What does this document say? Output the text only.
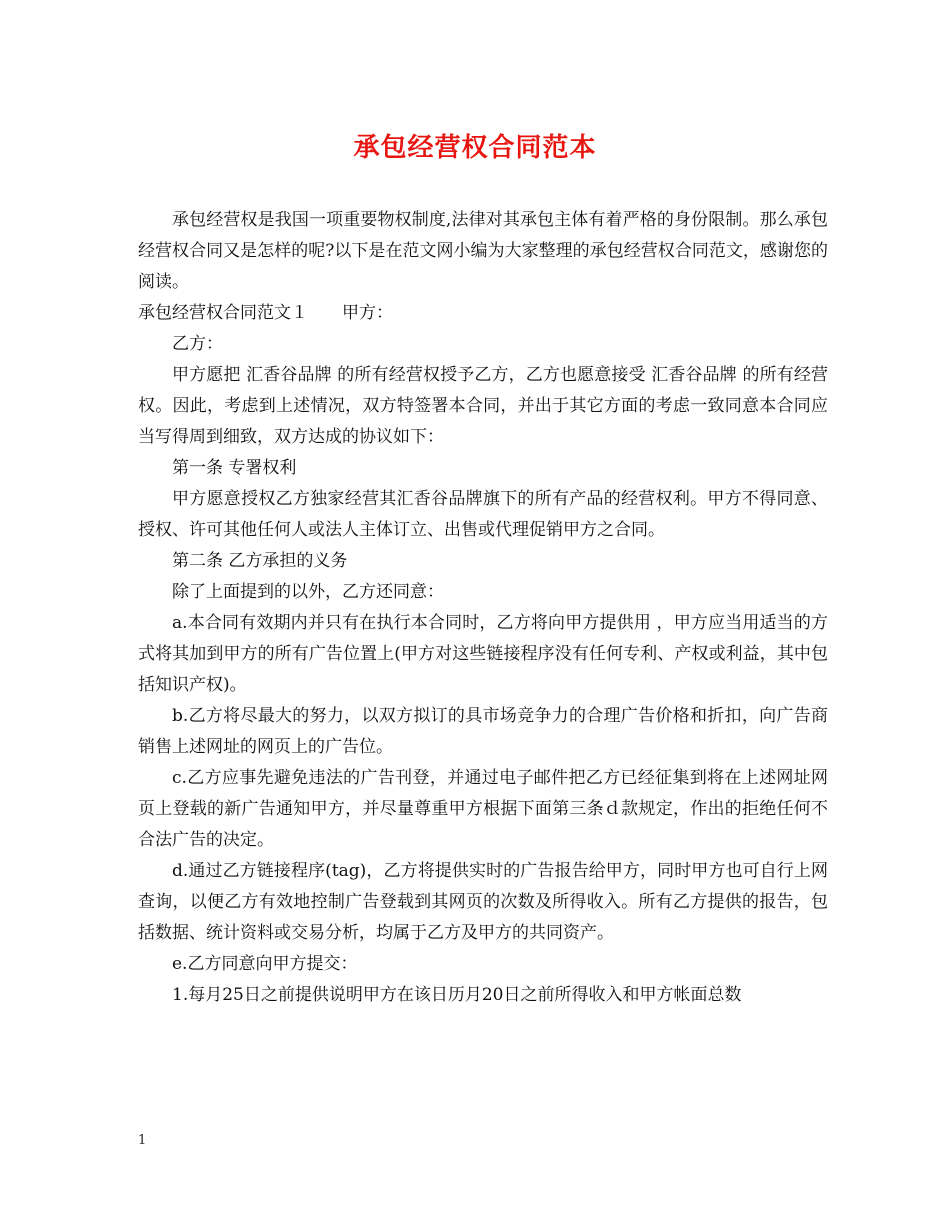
承包经营权合同范本

承包经营权是我国一项重要物权制度,法律对其承包主体有着严格的身份限制。那么承包经营权合同又是怎样的呢?以下是在范文网小编为大家整理的承包经营权合同范文，感谢您的阅读。

承包经营权合同范文１　　甲方：

乙方：

甲方愿把 汇香谷品牌 的所有经营权授予乙方，乙方也愿意接受 汇香谷品牌 的所有经营权。因此，考虑到上述情况，双方特签署本合同，并出于其它方面的考虑一致同意本合同应当写得周到细致，双方达成的协议如下：

第一条 专署权利

甲方愿意授权乙方独家经营其汇香谷品牌旗下的所有产品的经营权利。甲方不得同意、授权、许可其他任何人或法人主体订立、出售或代理促销甲方之合同。

第二条 乙方承担的义务

除了上面提到的以外，乙方还同意：

a.本合同有效期内并只有在执行本合同时，乙方将向甲方提供用 ，甲方应当用适当的方式将其加到甲方的所有广告位置上(甲方对这些链接程序没有任何专利、产权或利益，其中包括知识产权)。

b.乙方将尽最大的努力，以双方拟订的具市场竞争力的合理广告价格和折扣，向广告商销售上述网址的网页上的广告位。

c.乙方应事先避免违法的广告刊登，并通过电子邮件把乙方已经征集到将在上述网址网页上登载的新广告通知甲方，并尽量尊重甲方根据下面第三条ｄ款规定，作出的拒绝任何不合法广告的决定。

d.通过乙方链接程序(tag)，乙方将提供实时的广告报告给甲方，同时甲方也可自行上网查询，以便乙方有效地控制广告登载到其网页的次数及所得收入。所有乙方提供的报告，包括数据、统计资料或交易分析，均属于乙方及甲方的共同资产。

e.乙方同意向甲方提交：

1.每月25日之前提供说明甲方在该日历月20日之前所得收入和甲方帐面总数

1
